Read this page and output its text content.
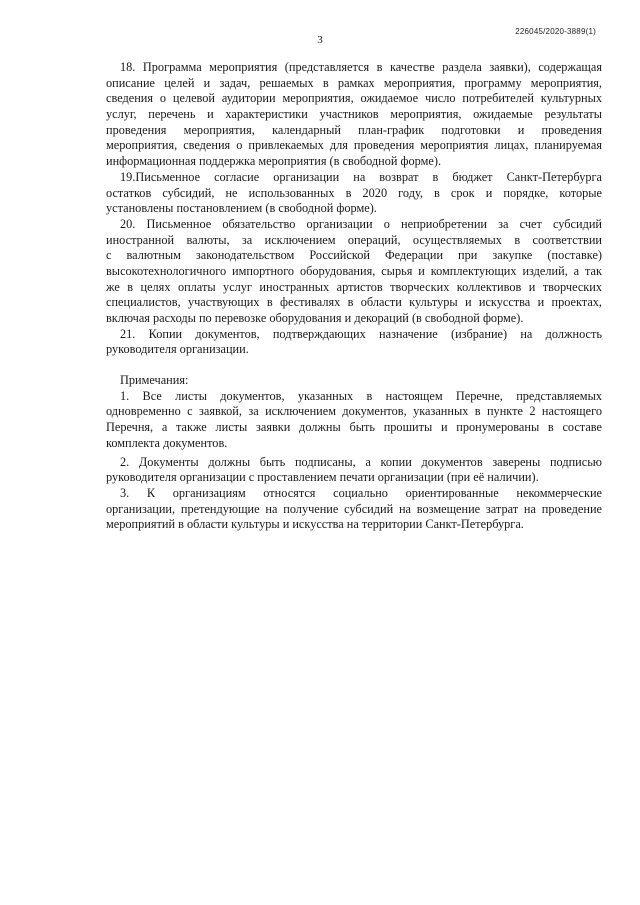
226045/2020-3889(1)
3
18. Программа мероприятия (представляется в качестве раздела заявки), содержащая
описание целей и задач, решаемых в рамках мероприятия, программу мероприятия,
сведения о целевой аудитории мероприятия, ожидаемое число потребителей культурных
услуг, перечень и характеристики участников мероприятия, ожидаемые результаты
проведения мероприятия, календарный план-график подготовки и проведения
мероприятия, сведения о привлекаемых для проведения мероприятия лицах, планируемая
информационная поддержка мероприятия (в свободной форме).
19.Письменное согласие организации на возврат в бюджет Санкт-Петербурга
остатков субсидий, не использованных в 2020 году, в срок и порядке, которые
установлены постановлением (в свободной форме).
20. Письменное обязательство организации о неприобретении за счет субсидий
иностранной валюты, за исключением операций, осуществляемых в соответствии
с валютным законодательством Российской Федерации при закупке (поставке)
высокотехнологичного импортного оборудования, сырья и комплектующих изделий, а так
же в целях оплаты услуг иностранных артистов творческих коллективов и творческих
специалистов, участвующих в фестивалях в области культуры и искусства и проектах,
включая расходы по перевозке оборудования и декораций (в свободной форме).
21. Копии документов, подтверждающих назначение (избрание) на должность
руководителя организации.
Примечания:
1. Все листы документов, указанных в настоящем Перечне, представляемых
одновременно с заявкой, за исключением документов, указанных в пункте 2 настоящего
Перечня, а также листы заявки должны быть прошиты и пронумерованы в составе
комплекта документов.
2. Документы должны быть подписаны, а копии документов заверены подписью
руководителя организации с проставлением печати организации (при её наличии).
3. К организациям относятся социально ориентированные некоммерческие
организации, претендующие на получение субсидий на возмещение затрат на проведение
мероприятий в области культуры и искусства на территории Санкт-Петербурга.
